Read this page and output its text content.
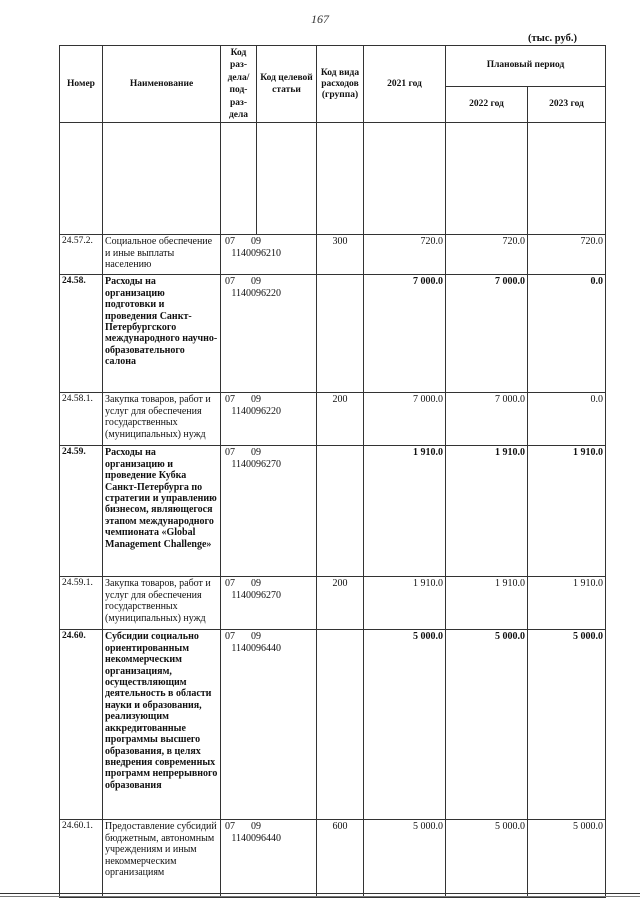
167
(тыс. руб.)
Номер	Наименование	Код раз-дела/ под-раз-дела	Код целевой статьи	Код вида расходов (группа)	2021 год	Плановый период	
						2022 год	2023 год

24.57.2.	Социальное обеспечение и иные выплаты населению	07 091140096210		300	720.0	720.0	720.0
24.58.	Расходы на организацию подготовки и проведения Санкт-Петербургского международного научно-образовательного салона	07 091140096220			7 000.0	7 000.0	0.0
24.58.1.	Закупка товаров, работ и услуг для обеспечения государственных (муниципальных) нужд	07 091140096220		200	7 000.0	7 000.0	0.0
24.59.	Расходы на организацию и проведение Кубка Санкт-Петербурга по стратегии и управлению бизнесом, являющегося этапом международного чемпионата «Global Management Challenge»	07 091140096270			1 910.0	1 910.0	1 910.0
24.59.1.	Закупка товаров, работ и услуг для обеспечения государственных (муниципальных) нужд	07 091140096270		200	1 910.0	1 910.0	1 910.0
24.60.	Субсидии социально ориентированным некоммерческим организациям, осуществляющим деятельность в области науки и образования, реализующим аккредитованные программы высшего образования, в целях внедрения современных программ непрерывного образования	07 091140096440			5 000.0	5 000.0	5 000.0
24.60.1.	Предоставление субсидий бюджетным, автономным учреждениям и иным некоммерческим организациям	07 091140096440		600	5 000.0	5 000.0	5 000.0
